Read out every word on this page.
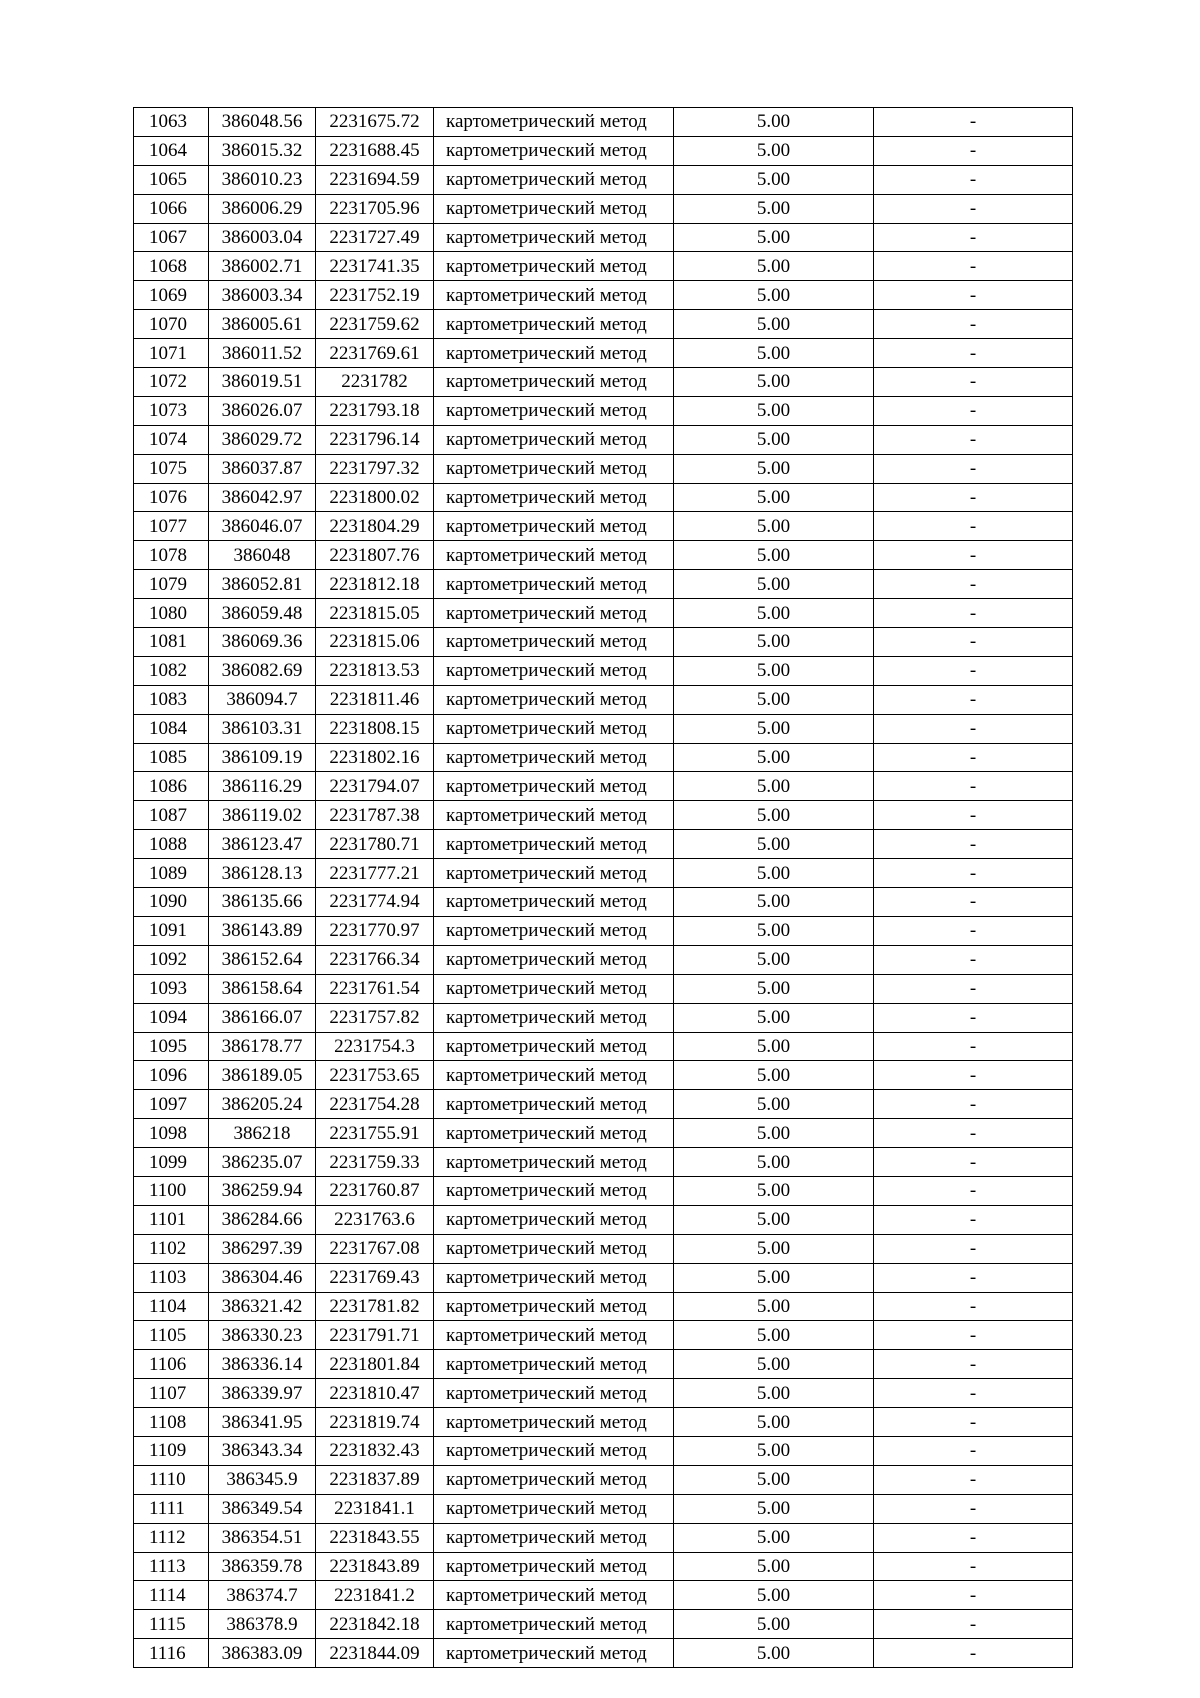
1063	386048.56	2231675.72	картометрический метод	5.00	-
1064	386015.32	2231688.45	картометрический метод	5.00	-
1065	386010.23	2231694.59	картометрический метод	5.00	-
1066	386006.29	2231705.96	картометрический метод	5.00	-
1067	386003.04	2231727.49	картометрический метод	5.00	-
1068	386002.71	2231741.35	картометрический метод	5.00	-
1069	386003.34	2231752.19	картометрический метод	5.00	-
1070	386005.61	2231759.62	картометрический метод	5.00	-
1071	386011.52	2231769.61	картометрический метод	5.00	-
1072	386019.51	2231782	картометрический метод	5.00	-
1073	386026.07	2231793.18	картометрический метод	5.00	-
1074	386029.72	2231796.14	картометрический метод	5.00	-
1075	386037.87	2231797.32	картометрический метод	5.00	-
1076	386042.97	2231800.02	картометрический метод	5.00	-
1077	386046.07	2231804.29	картометрический метод	5.00	-
1078	386048	2231807.76	картометрический метод	5.00	-
1079	386052.81	2231812.18	картометрический метод	5.00	-
1080	386059.48	2231815.05	картометрический метод	5.00	-
1081	386069.36	2231815.06	картометрический метод	5.00	-
1082	386082.69	2231813.53	картометрический метод	5.00	-
1083	386094.7	2231811.46	картометрический метод	5.00	-
1084	386103.31	2231808.15	картометрический метод	5.00	-
1085	386109.19	2231802.16	картометрический метод	5.00	-
1086	386116.29	2231794.07	картометрический метод	5.00	-
1087	386119.02	2231787.38	картометрический метод	5.00	-
1088	386123.47	2231780.71	картометрический метод	5.00	-
1089	386128.13	2231777.21	картометрический метод	5.00	-
1090	386135.66	2231774.94	картометрический метод	5.00	-
1091	386143.89	2231770.97	картометрический метод	5.00	-
1092	386152.64	2231766.34	картометрический метод	5.00	-
1093	386158.64	2231761.54	картометрический метод	5.00	-
1094	386166.07	2231757.82	картометрический метод	5.00	-
1095	386178.77	2231754.3	картометрический метод	5.00	-
1096	386189.05	2231753.65	картометрический метод	5.00	-
1097	386205.24	2231754.28	картометрический метод	5.00	-
1098	386218	2231755.91	картометрический метод	5.00	-
1099	386235.07	2231759.33	картометрический метод	5.00	-
1100	386259.94	2231760.87	картометрический метод	5.00	-
1101	386284.66	2231763.6	картометрический метод	5.00	-
1102	386297.39	2231767.08	картометрический метод	5.00	-
1103	386304.46	2231769.43	картометрический метод	5.00	-
1104	386321.42	2231781.82	картометрический метод	5.00	-
1105	386330.23	2231791.71	картометрический метод	5.00	-
1106	386336.14	2231801.84	картометрический метод	5.00	-
1107	386339.97	2231810.47	картометрический метод	5.00	-
1108	386341.95	2231819.74	картометрический метод	5.00	-
1109	386343.34	2231832.43	картометрический метод	5.00	-
1110	386345.9	2231837.89	картометрический метод	5.00	-
1111	386349.54	2231841.1	картометрический метод	5.00	-
1112	386354.51	2231843.55	картометрический метод	5.00	-
1113	386359.78	2231843.89	картометрический метод	5.00	-
1114	386374.7	2231841.2	картометрический метод	5.00	-
1115	386378.9	2231842.18	картометрический метод	5.00	-
1116	386383.09	2231844.09	картометрический метод	5.00	-
